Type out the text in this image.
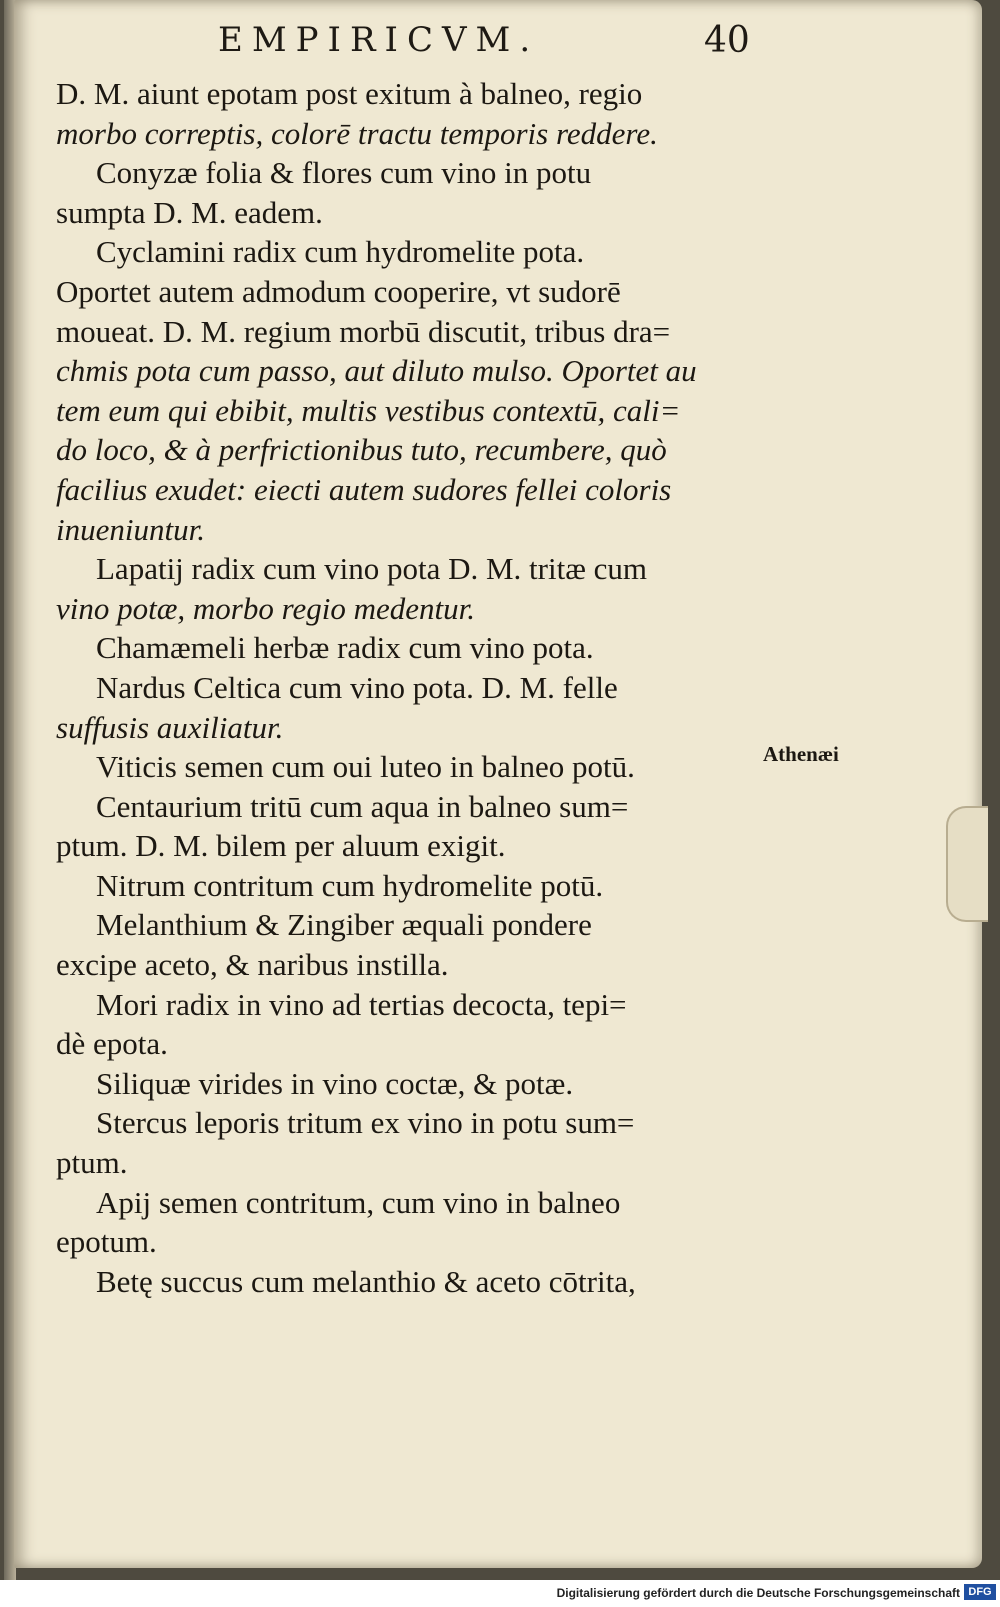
EMPIRICVM.	40
D. M. aiunt epotam post exitum à balneo, regio
morbo correptis, colorē tractu temporis reddere.
Conyzæ folia & flores cum vino in potu
sumpta D. M. eadem.
Cyclamini radix cum hydromelite pota.
Oportet autem admodum cooperire, vt sudorē
moueat. D. M. regium morbū discutit, tribus dra=
chmis pota cum passo, aut diluto mulso. Oportet au
tem eum qui ebibit, multis vestibus contextū, cali=
do loco, & à perfrictionibus tuto, recumbere, quò
facilius exudet: eiecti autem sudores fellei coloris
inueniuntur.
Lapatij radix cum vino pota D. M. tritæ cum
vino potæ, morbo regio medentur.
Chamæmeli herbæ radix cum vino pota.
Nardus Celtica cum vino pota. D. M. felle
suffusis auxiliatur.
Viticis semen cum oui luteo in balneo potū.
Centaurium tritū cum aqua in balneo sum=
ptum. D. M. bilem per aluum exigit.
Nitrum contritum cum hydromelite potū.
Melanthium & Zingiber æquali pondere
excipe aceto, & naribus instilla.
Mori radix in vino ad tertias decocta, tepi=
dè epota.
Siliquæ virides in vino coctæ, & potæ.
Stercus leporis tritum ex vino in potu sum=
ptum.
Apij semen contritum, cum vino in balneo
epotum.
Betę succus cum melanthio & aceto cōtrita,
Athenæi
Digitalisierung gefördert durch die Deutsche Forschungsgemeinschaft DFG
